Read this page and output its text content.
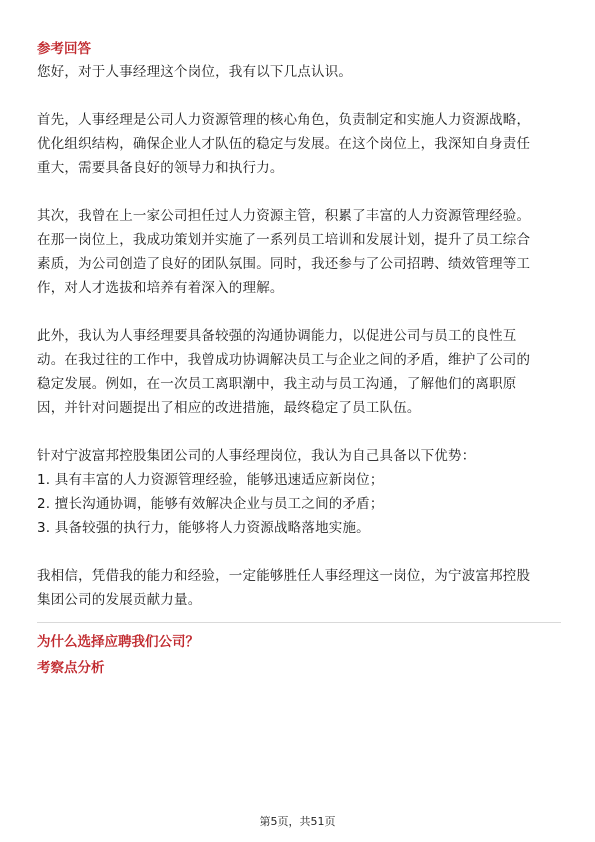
参考回答

您好，对于人事经理这个岗位，我有以下几点认识。

首先，人事经理是公司人力资源管理的核心角色，负责制定和实施人力资源战略，

优化组织结构，确保企业人才队伍的稳定与发展。在这个岗位上，我深知自身责任

重大，需要具备良好的领导力和执行力。

其次，我曾在上一家公司担任过人力资源主管，积累了丰富的人力资源管理经验。

在那一岗位上，我成功策划并实施了一系列员工培训和发展计划，提升了员工综合

素质，为公司创造了良好的团队氛围。同时，我还参与了公司招聘、绩效管理等工

作，对人才选拔和培养有着深入的理解。

此外，我认为人事经理要具备较强的沟通协调能力，以促进公司与员工的良性互

动。在我过往的工作中，我曾成功协调解决员工与企业之间的矛盾，维护了公司的

稳定发展。例如，在一次员工离职潮中，我主动与员工沟通，了解他们的离职原

因，并针对问题提出了相应的改进措施，最终稳定了员工队伍。

针对宁波富邦控股集团公司的人事经理岗位，我认为自己具备以下优势：

1. 具有丰富的人力资源管理经验，能够迅速适应新岗位；

2. 擅长沟通协调，能够有效解决企业与员工之间的矛盾；

3. 具备较强的执行力，能够将人力资源战略落地实施。

我相信，凭借我的能力和经验，一定能够胜任人事经理这一岗位，为宁波富邦控股

集团公司的发展贡献力量。

为什么选择应聘我们公司？
考察点分析
第5页，共51页
